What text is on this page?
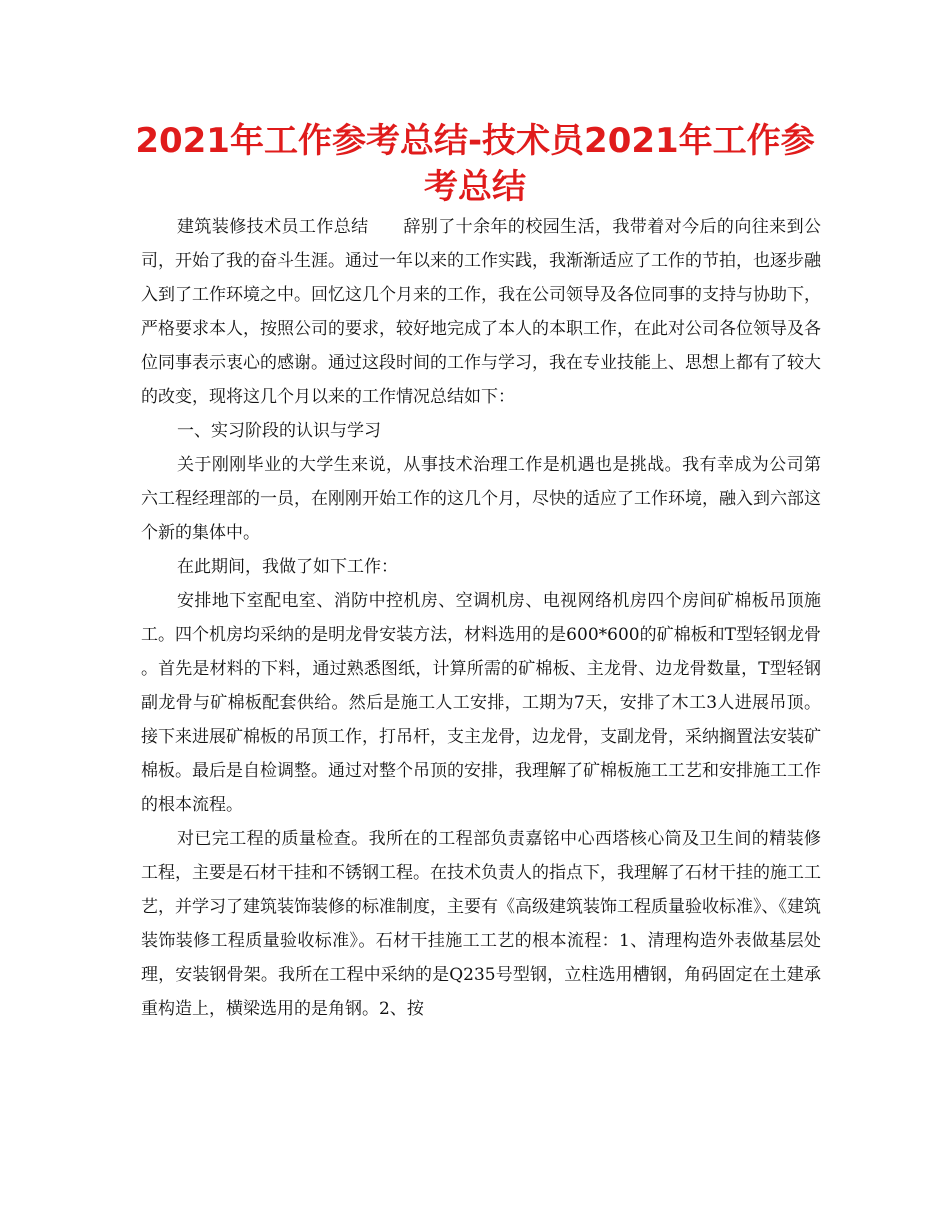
2021年工作参考总结-技术员2021年工作参考总结

建筑装修技术员工作总结　　辞别了十余年的校园生活，我带着对今后的向往来到公司，开始了我的奋斗生涯。通过一年以来的工作实践，我渐渐适应了工作的节拍，也逐步融入到了工作环境之中。回忆这几个月来的工作，我在公司领导及各位同事的支持与协助下，严格要求本人，按照公司的要求，较好地完成了本人的本职工作，在此对公司各位领导及各位同事表示衷心的感谢。通过这段时间的工作与学习，我在专业技能上、思想上都有了较大的改变，现将这几个月以来的工作情况总结如下：

一、实习阶段的认识与学习

关于刚刚毕业的大学生来说，从事技术治理工作是机遇也是挑战。我有幸成为公司第六工程经理部的一员，在刚刚开始工作的这几个月，尽快的适应了工作环境，融入到六部这个新的集体中。

在此期间，我做了如下工作：

安排地下室配电室、消防中控机房、空调机房、电视网络机房四个房间矿棉板吊顶施工。四个机房均采纳的是明龙骨安装方法，材料选用的是600*600的矿棉板和T型轻钢龙骨。首先是材料的下料，通过熟悉图纸，计算所需的矿棉板、主龙骨、边龙骨数量，T型轻钢副龙骨与矿棉板配套供给。然后是施工人工安排，工期为7天，安排了木工3人进展吊顶。接下来进展矿棉板的吊顶工作，打吊杆，支主龙骨，边龙骨，支副龙骨，采纳搁置法安装矿棉板。最后是自检调整。通过对整个吊顶的安排，我理解了矿棉板施工工艺和安排施工工作的根本流程。

对已完工程的质量检查。我所在的工程部负责嘉铭中心西塔核心筒及卫生间的精装修工程，主要是石材干挂和不锈钢工程。在技术负责人的指点下，我理解了石材干挂的施工工艺，并学习了建筑装饰装修的标准制度，主要有《高级建筑装饰工程质量验收标准》、《建筑装饰装修工程质量验收标准》。石材干挂施工工艺的根本流程：1、清理构造外表做基层处理，安装钢骨架。我所在工程中采纳的是Q235号型钢，立柱选用槽钢，角码固定在土建承重构造上，横梁选用的是角钢。2、按
